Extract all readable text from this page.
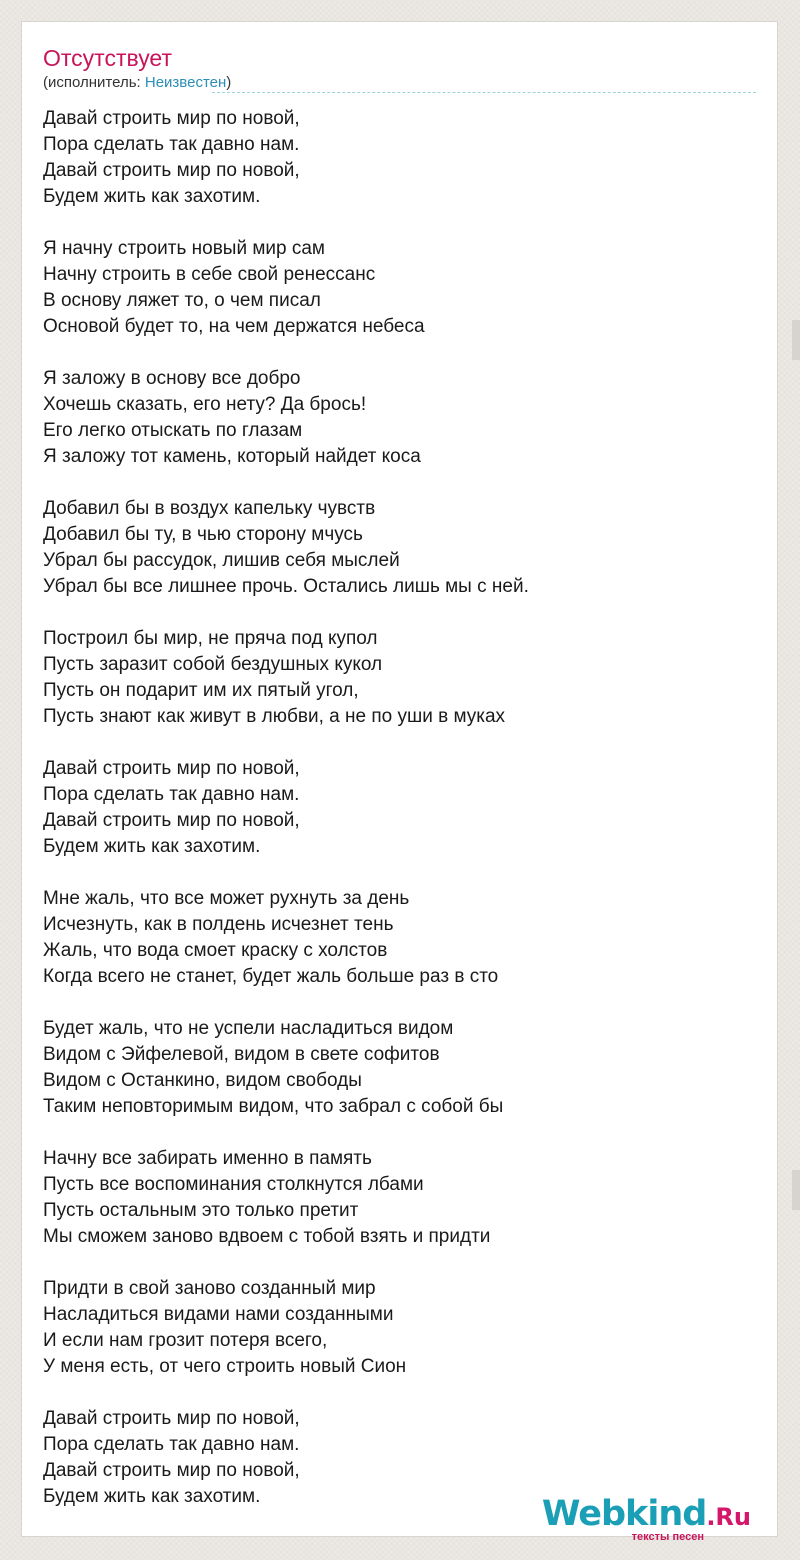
Отсутствует
(исполнитель: Неизвестен)
Давай строить мир по новой,
Пора сделать так давно нам.
Давай строить мир по новой,
Будем жить как захотим.
Я начну строить новый мир сам
Начну строить в себе свой ренессанс
В основу ляжет то, о чем писал
Основой будет то, на чем держатся небеса
Я заложу в основу все добро
Хочешь сказать, его нету? Да брось!
Его легко отыскать по глазам
Я заложу тот камень, который найдет коса
Добавил бы в воздух капельку чувств
Добавил бы ту, в чью сторону мчусь
Убрал бы рассудок, лишив себя мыслей
Убрал бы все лишнее прочь. Остались лишь мы с ней.
Построил бы мир, не пряча под купол
Пусть заразит собой бездушных кукол
Пусть он подарит им их пятый угол,
Пусть знают как живут в любви, а не по уши в муках
Давай строить мир по новой,
Пора сделать так давно нам.
Давай строить мир по новой,
Будем жить как захотим.
Мне жаль, что все может рухнуть за день
Исчезнуть, как в полдень исчезнет тень
Жаль, что вода смоет краску с холстов
Когда всего не станет, будет жаль больше раз в сто
Будет жаль, что не успели насладиться видом
Видом с Эйфелевой, видом в свете софитов
Видом с Останкино, видом свободы
Таким неповторимым видом, что забрал с собой бы
Начну все забирать именно в память
Пусть все воспоминания столкнутся лбами
Пусть остальным это только претит
Мы сможем заново вдвоем с тобой взять и придти
Придти в свой заново созданный мир
Насладиться видами нами созданными
И если нам грозит потеря всего,
У меня есть, от чего строить новый Сион
Давай строить мир по новой,
Пора сделать так давно нам.
Давай строить мир по новой,
Будем жить как захотим.	Webkind.Ru
тексты песен
